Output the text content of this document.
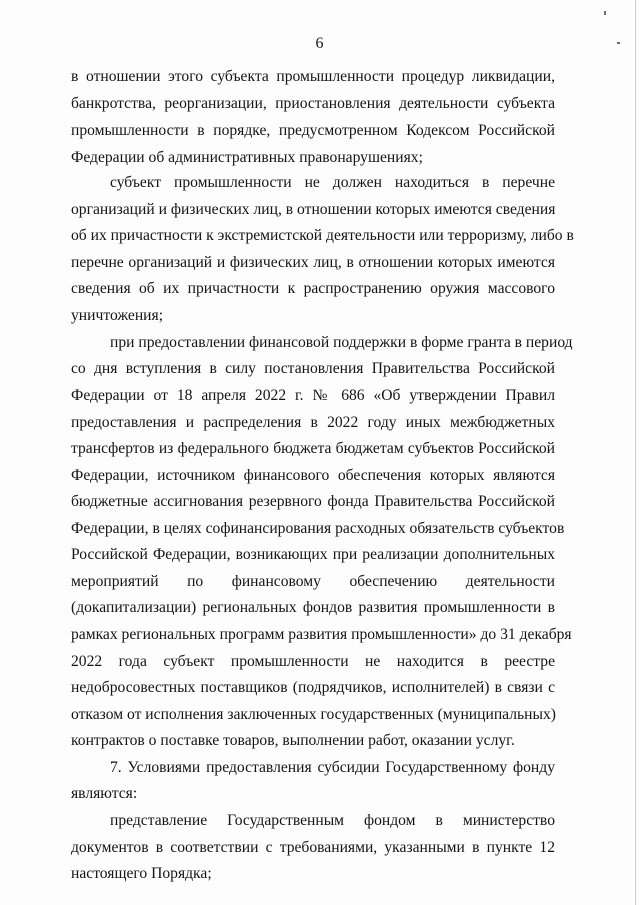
6
в отношении этого субъекта промышленности процедур ликвидации,
банкротства, реорганизации, приостановления деятельности субъекта
промышленности в порядке, предусмотренном Кодексом Российской
Федерации об административных правонарушениях;
субъект промышленности не должен находиться в перечне
организаций и физических лиц, в отношении которых имеются сведения
об их причастности к экстремистской деятельности или терроризму, либо в
перечне организаций и физических лиц, в отношении которых имеются
сведения об их причастности к распространению оружия массового
уничтожения;
при предоставлении финансовой поддержки в форме гранта в период
со дня вступления в силу постановления Правительства Российской
Федерации от 18 апреля 2022 г. № 686 «Об утверждении Правил
предоставления и распределения в 2022 году иных межбюджетных
трансфертов из федерального бюджета бюджетам субъектов Российской
Федерации, источником финансового обеспечения которых являются
бюджетные ассигнования резервного фонда Правительства Российской
Федерации, в целях софинансирования расходных обязательств субъектов
Российской Федерации, возникающих при реализации дополнительных
мероприятий по финансовому обеспечению деятельности
(докапитализации) региональных фондов развития промышленности в
рамках региональных программ развития промышленности» до 31 декабря
2022 года субъект промышленности не находится в реестре
недобросовестных поставщиков (подрядчиков, исполнителей) в связи с
отказом от исполнения заключенных государственных (муниципальных)
контрактов о поставке товаров, выполнении работ, оказании услуг.
7. Условиями предоставления субсидии Государственному фонду
являются:
представление Государственным фондом в министерство
документов в соответствии с требованиями, указанными в пункте 12
настоящего Порядка;
